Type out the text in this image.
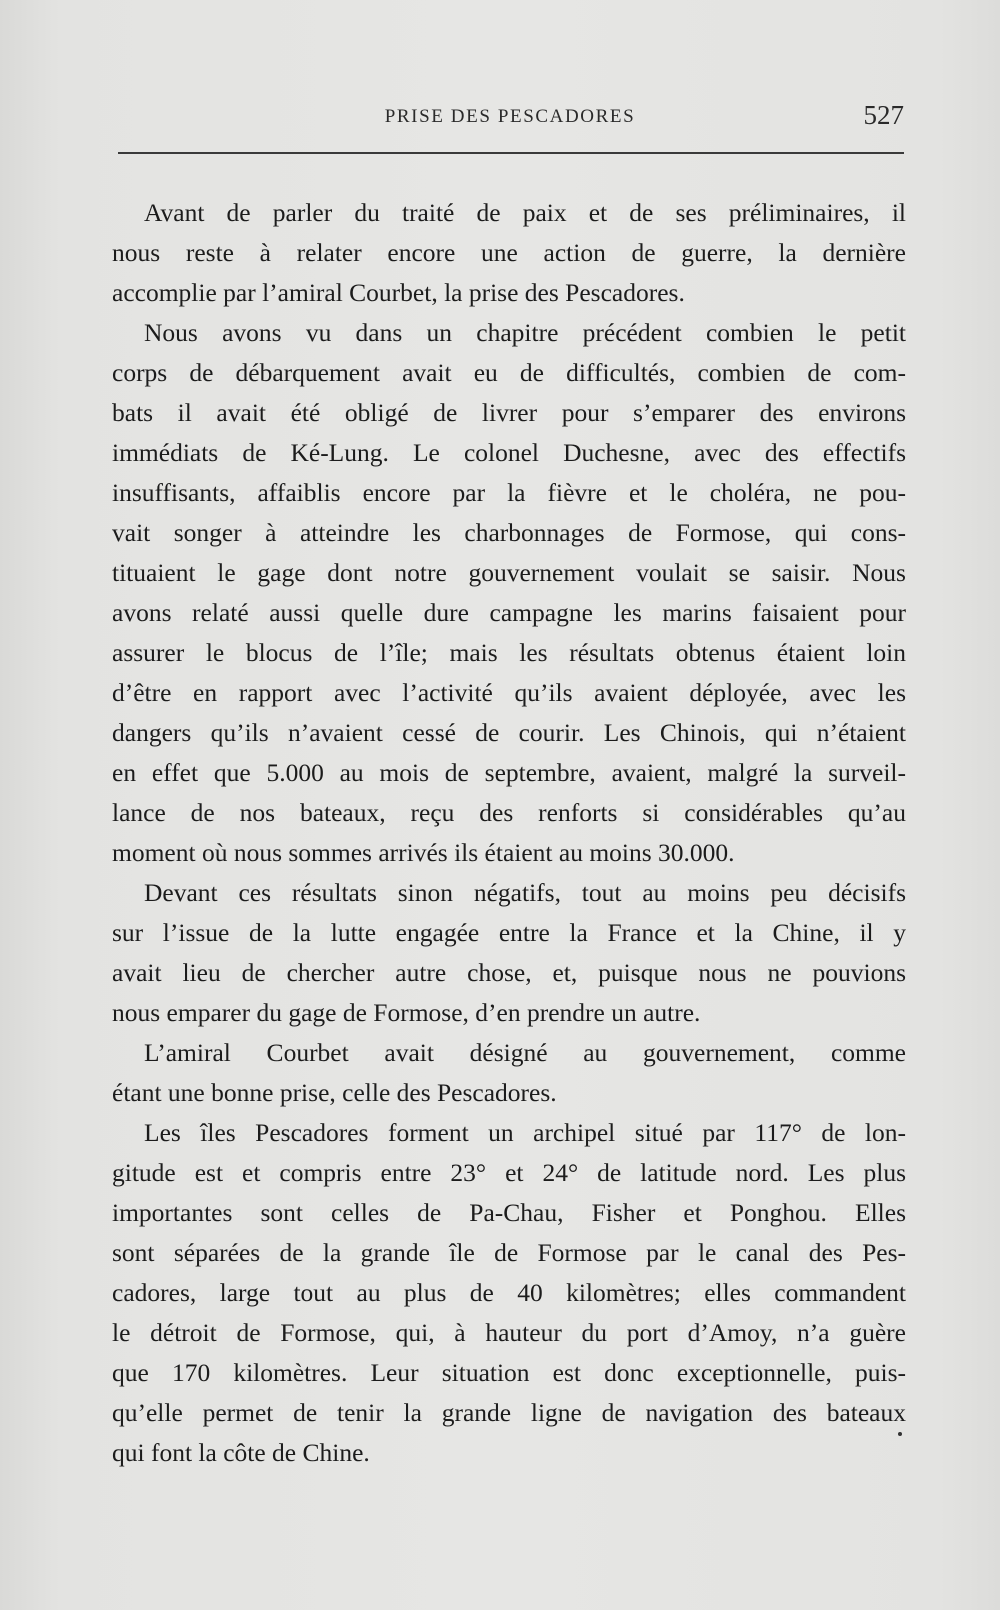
PRISE DES PESCADORES	527
Avant de parler du traité de paix et de ses préliminaires, il
nous reste à relater encore une action de guerre, la dernière
accomplie par l’amiral Courbet, la prise des Pescadores.
Nous avons vu dans un chapitre précédent combien le petit
corps de débarquement avait eu de difficultés, combien de com-
bats il avait été obligé de livrer pour s’emparer des environs
immédiats de Ké-Lung. Le colonel Duchesne, avec des effectifs
insuffisants, affaiblis encore par la fièvre et le choléra, ne pou-
vait songer à atteindre les charbonnages de Formose, qui cons-
tituaient le gage dont notre gouvernement voulait se saisir. Nous
avons relaté aussi quelle dure campagne les marins faisaient pour
assurer le blocus de l’île; mais les résultats obtenus étaient loin
d’être en rapport avec l’activité qu’ils avaient déployée, avec les
dangers qu’ils n’avaient cessé de courir. Les Chinois, qui n’étaient
en effet que 5.000 au mois de septembre, avaient, malgré la surveil-
lance de nos bateaux, reçu des renforts si considérables qu’au
moment où nous sommes arrivés ils étaient au moins 30.000.
Devant ces résultats sinon négatifs, tout au moins peu décisifs
sur l’issue de la lutte engagée entre la France et la Chine, il y
avait lieu de chercher autre chose, et, puisque nous ne pouvions
nous emparer du gage de Formose, d’en prendre un autre.
L’amiral Courbet avait désigné au gouvernement, comme
étant une bonne prise, celle des Pescadores.
Les îles Pescadores forment un archipel situé par 117° de lon-
gitude est et compris entre 23° et 24° de latitude nord. Les plus
importantes sont celles de Pa-Chau, Fisher et Ponghou. Elles
sont séparées de la grande île de Formose par le canal des Pes-
cadores, large tout au plus de 40 kilomètres; elles commandent
le détroit de Formose, qui, à hauteur du port d’Amoy, n’a guère
que 170 kilomètres. Leur situation est donc exceptionnelle, puis-
qu’elle permet de tenir la grande ligne de navigation des bateaux
qui font la côte de Chine.
